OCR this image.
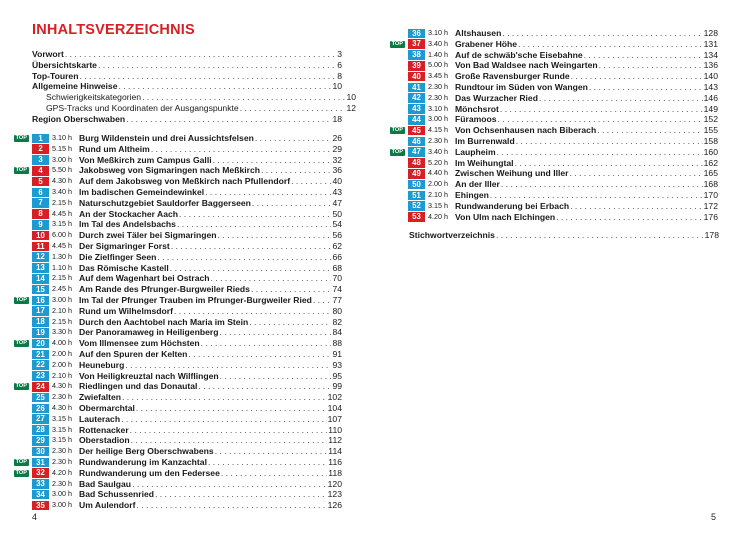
INHALTSVERZEICHNIS
Vorwort . . .	3
Übersichtskarte . . .	6
Top-Touren . . .	8
Allgemeine Hinweise . . .	10
Schwierigkeitskategorien . . .	10
GPS-Tracks und Koordinaten der Ausgangspunkte . . .	12
Region Oberschwaben . . .	18
TOP	1	3.10 h Burg Wildenstein und drei Aussichtsfelsen . . .	26
2	5.15 h Rund um Altheim . . .	29
3	3.00 h Von Meßkirch zum Campus Galli . . .	32
TOP	4	5.50 h Jakobsweg von Sigmaringen nach Meßkirch . . .	36
5	4.30 h Auf dem Jakobsweg von Meßkirch nach Pfullendorf . . .	40
6	3.40 h Im badischen Gemeindewinkel . . .	43
7	2.15 h Naturschutzgebiet Sauldorfer Baggerseen . . .	47
8	4.45 h An der Stockacher Aach . . .	50
9	3.15 h Im Tal des Andelsbachs . . .	54
10 6.00 h Durch zwei Täler bei Sigmaringen . . .	56
11	4.45 h Der Sigmaringer Forst . . .	62
12 1.30 h Die Zielfinger Seen . . .	66
13 1.10 h Das Römische Kastell . . .	68
14 2.15 h Auf dem Wagenhart bei Ostrach . . .	70
15 2.45 h Am Rande des Pfrunger-Burgweiler Rieds . . .	74
TOP	16 3.00 h Im Tal der Pfrunger Trauben im Pfrunger-Burgweiler Ried . . . 77
17 2.10 h Rund um Wilhelmsdorf . . .	80
18 2.15 h Durch den Aachtobel nach Maria im Stein . . .	82
19 3.30 h Der Panoramaweg in Heiligenberg . . .	84
TOP	20 4.00 h Vom Illmensee zum Höchsten . . .	88
21 2.00 h Auf den Spuren der Kelten . . .	91
22 2.00 h Heuneburg . . .	93
23 2.10 h Von Heiligkreuztal nach Wilflingen . . .	95
TOP	24 4.30 h Riedlingen und das Donautal . . .	99
25 2.30 h Zwiefalten . . .	102
26 4.30 h Obermarchtal . . .	104
27 3.15 h Lauterach . . .	107
28 3.15 h Rottenacker . . .	110
29 3.15 h Oberstadion . . .	112
30 2.30 h Der heilige Berg Oberschwabens . . .	114
TOP	31 2.30 h Rundwanderung im Kanzachtal . . .	116
TOP	32 4.20 h Rundwanderung um den Federsee . . .	118
33 2.30 h Bad Saulgau . . .	120
34 3.00 h Bad Schussenried . . .	123
35 3.00 h Um Aulendorf . . .	126
4
36 3.10 h Altshausen . . .	128
TOP	37 3.40 h Grabener Höhe . . .	131
38 1.40 h Auf de schwäb'sche Eisebahne . . .	134
39 5.00 h Von Bad Waldsee nach Weingarten . . .	136
40 3.45 h Große Ravensburger Runde . . .	140
41 2.30 h Rundtour im Süden von Wangen . . .	143
42 2.30 h Das Wurzacher Ried . . .	146
43 3.10 h Mönchsrot . . .	149
44 3.00 h Füramoos . . .	152
TOP	45 4.15 h Von Ochsenhausen nach Biberach . . .	155
46 2.30 h Im Burrenwald . . .	158
TOP	47 3.40 h Laupheim . . .	160
48 5.20 h Im Weihungtal . . .	162
49 4.40 h Zwischen Weihung und Iller . . .	165
50 2.00 h An der Iller . . .	168
51 2.10 h Ehingen . . .	170
52 3.15 h Rundwanderung bei Erbach . . .	172
53 4.20 h Von Ulm nach Elchingen . . .	176
Stichwortverzeichnis . . .	178
5
